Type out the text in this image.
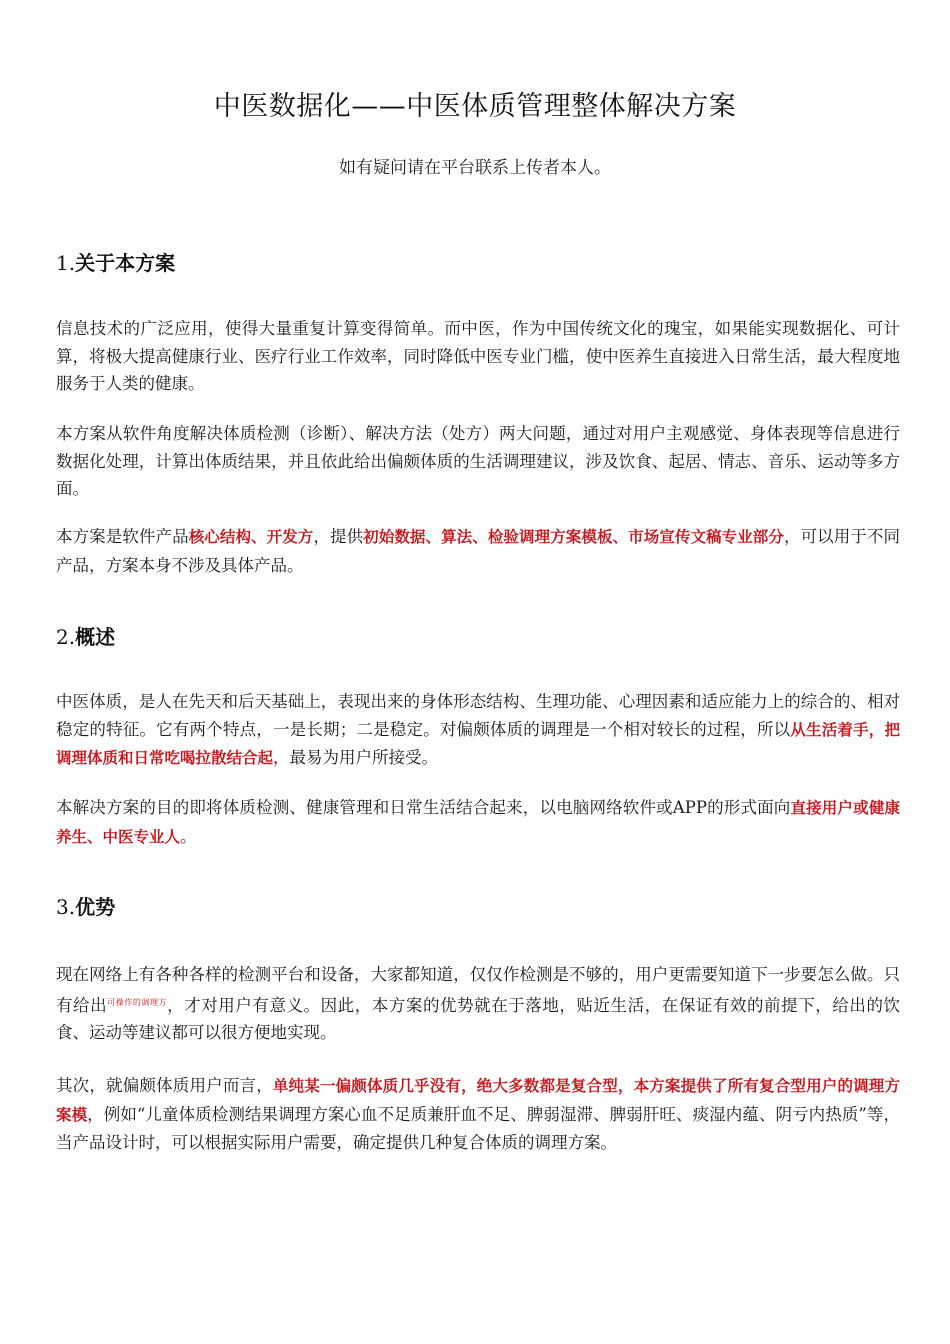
中医数据化——中医体质管理整体解决方案
如有疑问请在平台联系上传者本人。
1.关于本方案

信息技术的广泛应用，使得大量重复计算变得简单。而中医，作为中国传统文化的瑰宝，如果能实现数据化、可计算，将极大提高健康行业、医疗行业工作效率，同时降低中医专业门槛，使中医养生直接进入日常生活，最大程度地服务于人类的健康。

本方案从软件角度解决体质检测（诊断）、解决方法（处方）两大问题，通过对用户主观感觉、身体表现等信息进行数据化处理，计算出体质结果，并且依此给出偏颇体质的生活调理建议，涉及饮食、起居、情志、音乐、运动等多方面。

本方案是软件产品核心结构、开发方，提供初始数据、算法、检验调理方案模板、市场宣传文稿专业部分，可以用于不同产品，方案本身不涉及具体产品。

2.概述

中医体质，是人在先天和后天基础上，表现出来的身体形态结构、生理功能、心理因素和适应能力上的综合的、相对稳定的特征。它有两个特点，一是长期；二是稳定。对偏颇体质的调理是一个相对较长的过程，所以从生活着手，把调理体质和日常吃喝拉散结合起，最易为用户所接受。

本解决方案的目的即将体质检测、健康管理和日常生活结合起来，以电脑网络软件或APP的形式面向直接用户或健康养生、中医专业人。

3.优势

现在网络上有各种各样的检测平台和设备，大家都知道，仅仅作检测是不够的，用户更需要知道下一步要怎么做。只有给出$^{可操作的调理方}$，才对用户有意义。因此，本方案的优势就在于落地，贴近生活，在保证有效的前提下，给出的饮食、运动等建议都可以很方便地实现。

其次，就偏颇体质用户而言，单纯某一偏颇体质几乎没有，绝大多数都是复合型，本方案提供了所有复合型用户的调理方案模，例如“儿童体质检测结果调理方案心血不足质兼肝血不足、脾弱湿滞、脾弱肝旺、痰湿内蕴、阴亏内热质”等，当产品设计时，可以根据实际用户需要，确定提供几种复合体质的调理方案。
